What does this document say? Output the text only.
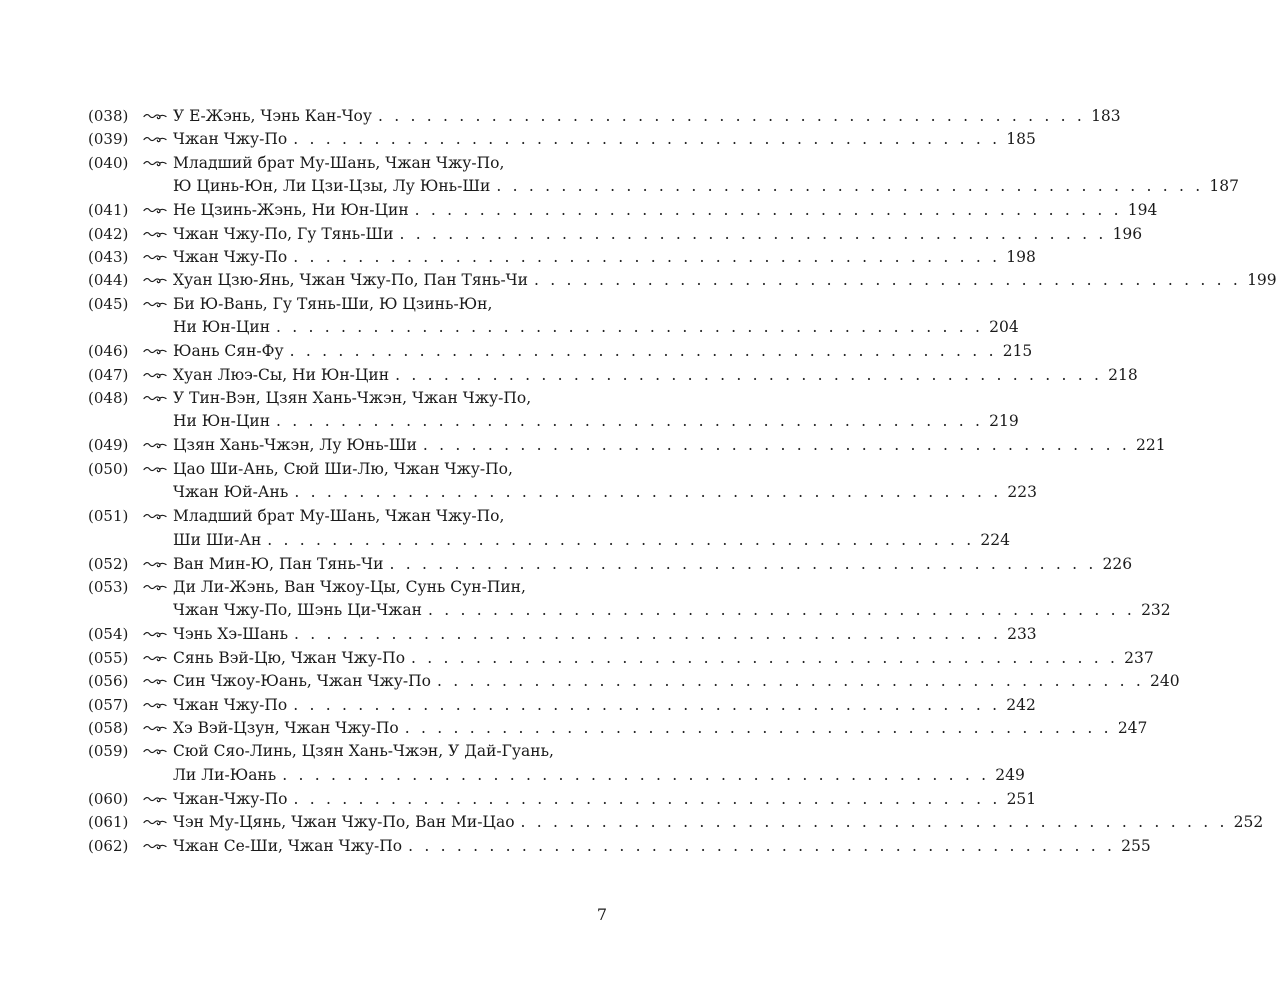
(038)	У Е-Жэнь, Чэнь Кан-Чоу . . . . . . . . . . . . . . . . . . . . . . . . . . . . . . . . . . . . . . . . . . . . 183
(039)	Чжан Чжу-По . . . . . . . . . . . . . . . . . . . . . . . . . . . . . . . . . . . . . . . . . . . . 185
(040)	Младший брат Му-Шань, Чжан Чжу-По,
Ю Цинь-Юн, Ли Цзи-Цзы, Лу Юнь-Ши . . . . . . . . . . . . . . . . . . . . . . . . . . . . . . . . . . . . . . . . . . . . 187
(041)	Не Цзинь-Жэнь, Ни Юн-Цин . . . . . . . . . . . . . . . . . . . . . . . . . . . . . . . . . . . . . . . . . . . . 194
(042)	Чжан Чжу-По, Гу Тянь-Ши . . . . . . . . . . . . . . . . . . . . . . . . . . . . . . . . . . . . . . . . . . . . 196
(043)	Чжан Чжу-По . . . . . . . . . . . . . . . . . . . . . . . . . . . . . . . . . . . . . . . . . . . . 198
(044)	Хуан Цзю-Янь, Чжан Чжу-По, Пан Тянь-Чи . . . . . . . . . . . . . . . . . . . . . . . . . . . . . . . . . . . . . . . . . . . . 199
(045)	Би Ю-Вань, Гу Тянь-Ши, Ю Цзинь-Юн,
Ни Юн-Цин . . . . . . . . . . . . . . . . . . . . . . . . . . . . . . . . . . . . . . . . . . . . 204
(046)	Юань Сян-Фу . . . . . . . . . . . . . . . . . . . . . . . . . . . . . . . . . . . . . . . . . . . . 215
(047)	Хуан Люэ-Сы, Ни Юн-Цин . . . . . . . . . . . . . . . . . . . . . . . . . . . . . . . . . . . . . . . . . . . . 218
(048)	У Тин-Вэн, Цзян Хань-Чжэн, Чжан Чжу-По,
Ни Юн-Цин . . . . . . . . . . . . . . . . . . . . . . . . . . . . . . . . . . . . . . . . . . . . 219
(049)	Цзян Хань-Чжэн, Лу Юнь-Ши . . . . . . . . . . . . . . . . . . . . . . . . . . . . . . . . . . . . . . . . . . . . 221
(050)	Цао Ши-Ань, Сюй Ши-Лю, Чжан Чжу-По,
Чжан Юй-Ань . . . . . . . . . . . . . . . . . . . . . . . . . . . . . . . . . . . . . . . . . . . . 223
(051)	Младший брат Му-Шань, Чжан Чжу-По,
Ши Ши-Ан . . . . . . . . . . . . . . . . . . . . . . . . . . . . . . . . . . . . . . . . . . . . 224
(052)	Ван Мин-Ю, Пан Тянь-Чи . . . . . . . . . . . . . . . . . . . . . . . . . . . . . . . . . . . . . . . . . . . . 226
(053)	Ди Ли-Жэнь, Ван Чжоу-Цы, Сунь Сун-Пин,
Чжан Чжу-По, Шэнь Ци-Чжан . . . . . . . . . . . . . . . . . . . . . . . . . . . . . . . . . . . . . . . . . . . . 232
(054)	Чэнь Хэ-Шань . . . . . . . . . . . . . . . . . . . . . . . . . . . . . . . . . . . . . . . . . . . . 233
(055)	Сянь Вэй-Цю, Чжан Чжу-По . . . . . . . . . . . . . . . . . . . . . . . . . . . . . . . . . . . . . . . . . . . . 237
(056)	Син Чжоу-Юань, Чжан Чжу-По . . . . . . . . . . . . . . . . . . . . . . . . . . . . . . . . . . . . . . . . . . . . 240
(057)	Чжан Чжу-По . . . . . . . . . . . . . . . . . . . . . . . . . . . . . . . . . . . . . . . . . . . . 242
(058)	Хэ Вэй-Цзун, Чжан Чжу-По . . . . . . . . . . . . . . . . . . . . . . . . . . . . . . . . . . . . . . . . . . . . 247
(059)	Сюй Сяо-Линь, Цзян Хань-Чжэн, У Дай-Гуань,
Ли Ли-Юань . . . . . . . . . . . . . . . . . . . . . . . . . . . . . . . . . . . . . . . . . . . . 249
(060)	Чжан-Чжу-По . . . . . . . . . . . . . . . . . . . . . . . . . . . . . . . . . . . . . . . . . . . . 251
(061)	Чэн Му-Цянь, Чжан Чжу-По, Ван Ми-Цао . . . . . . . . . . . . . . . . . . . . . . . . . . . . . . . . . . . . . . . . . . . . 252
(062)	Чжан Се-Ши, Чжан Чжу-По . . . . . . . . . . . . . . . . . . . . . . . . . . . . . . . . . . . . . . . . . . . . 255
7
